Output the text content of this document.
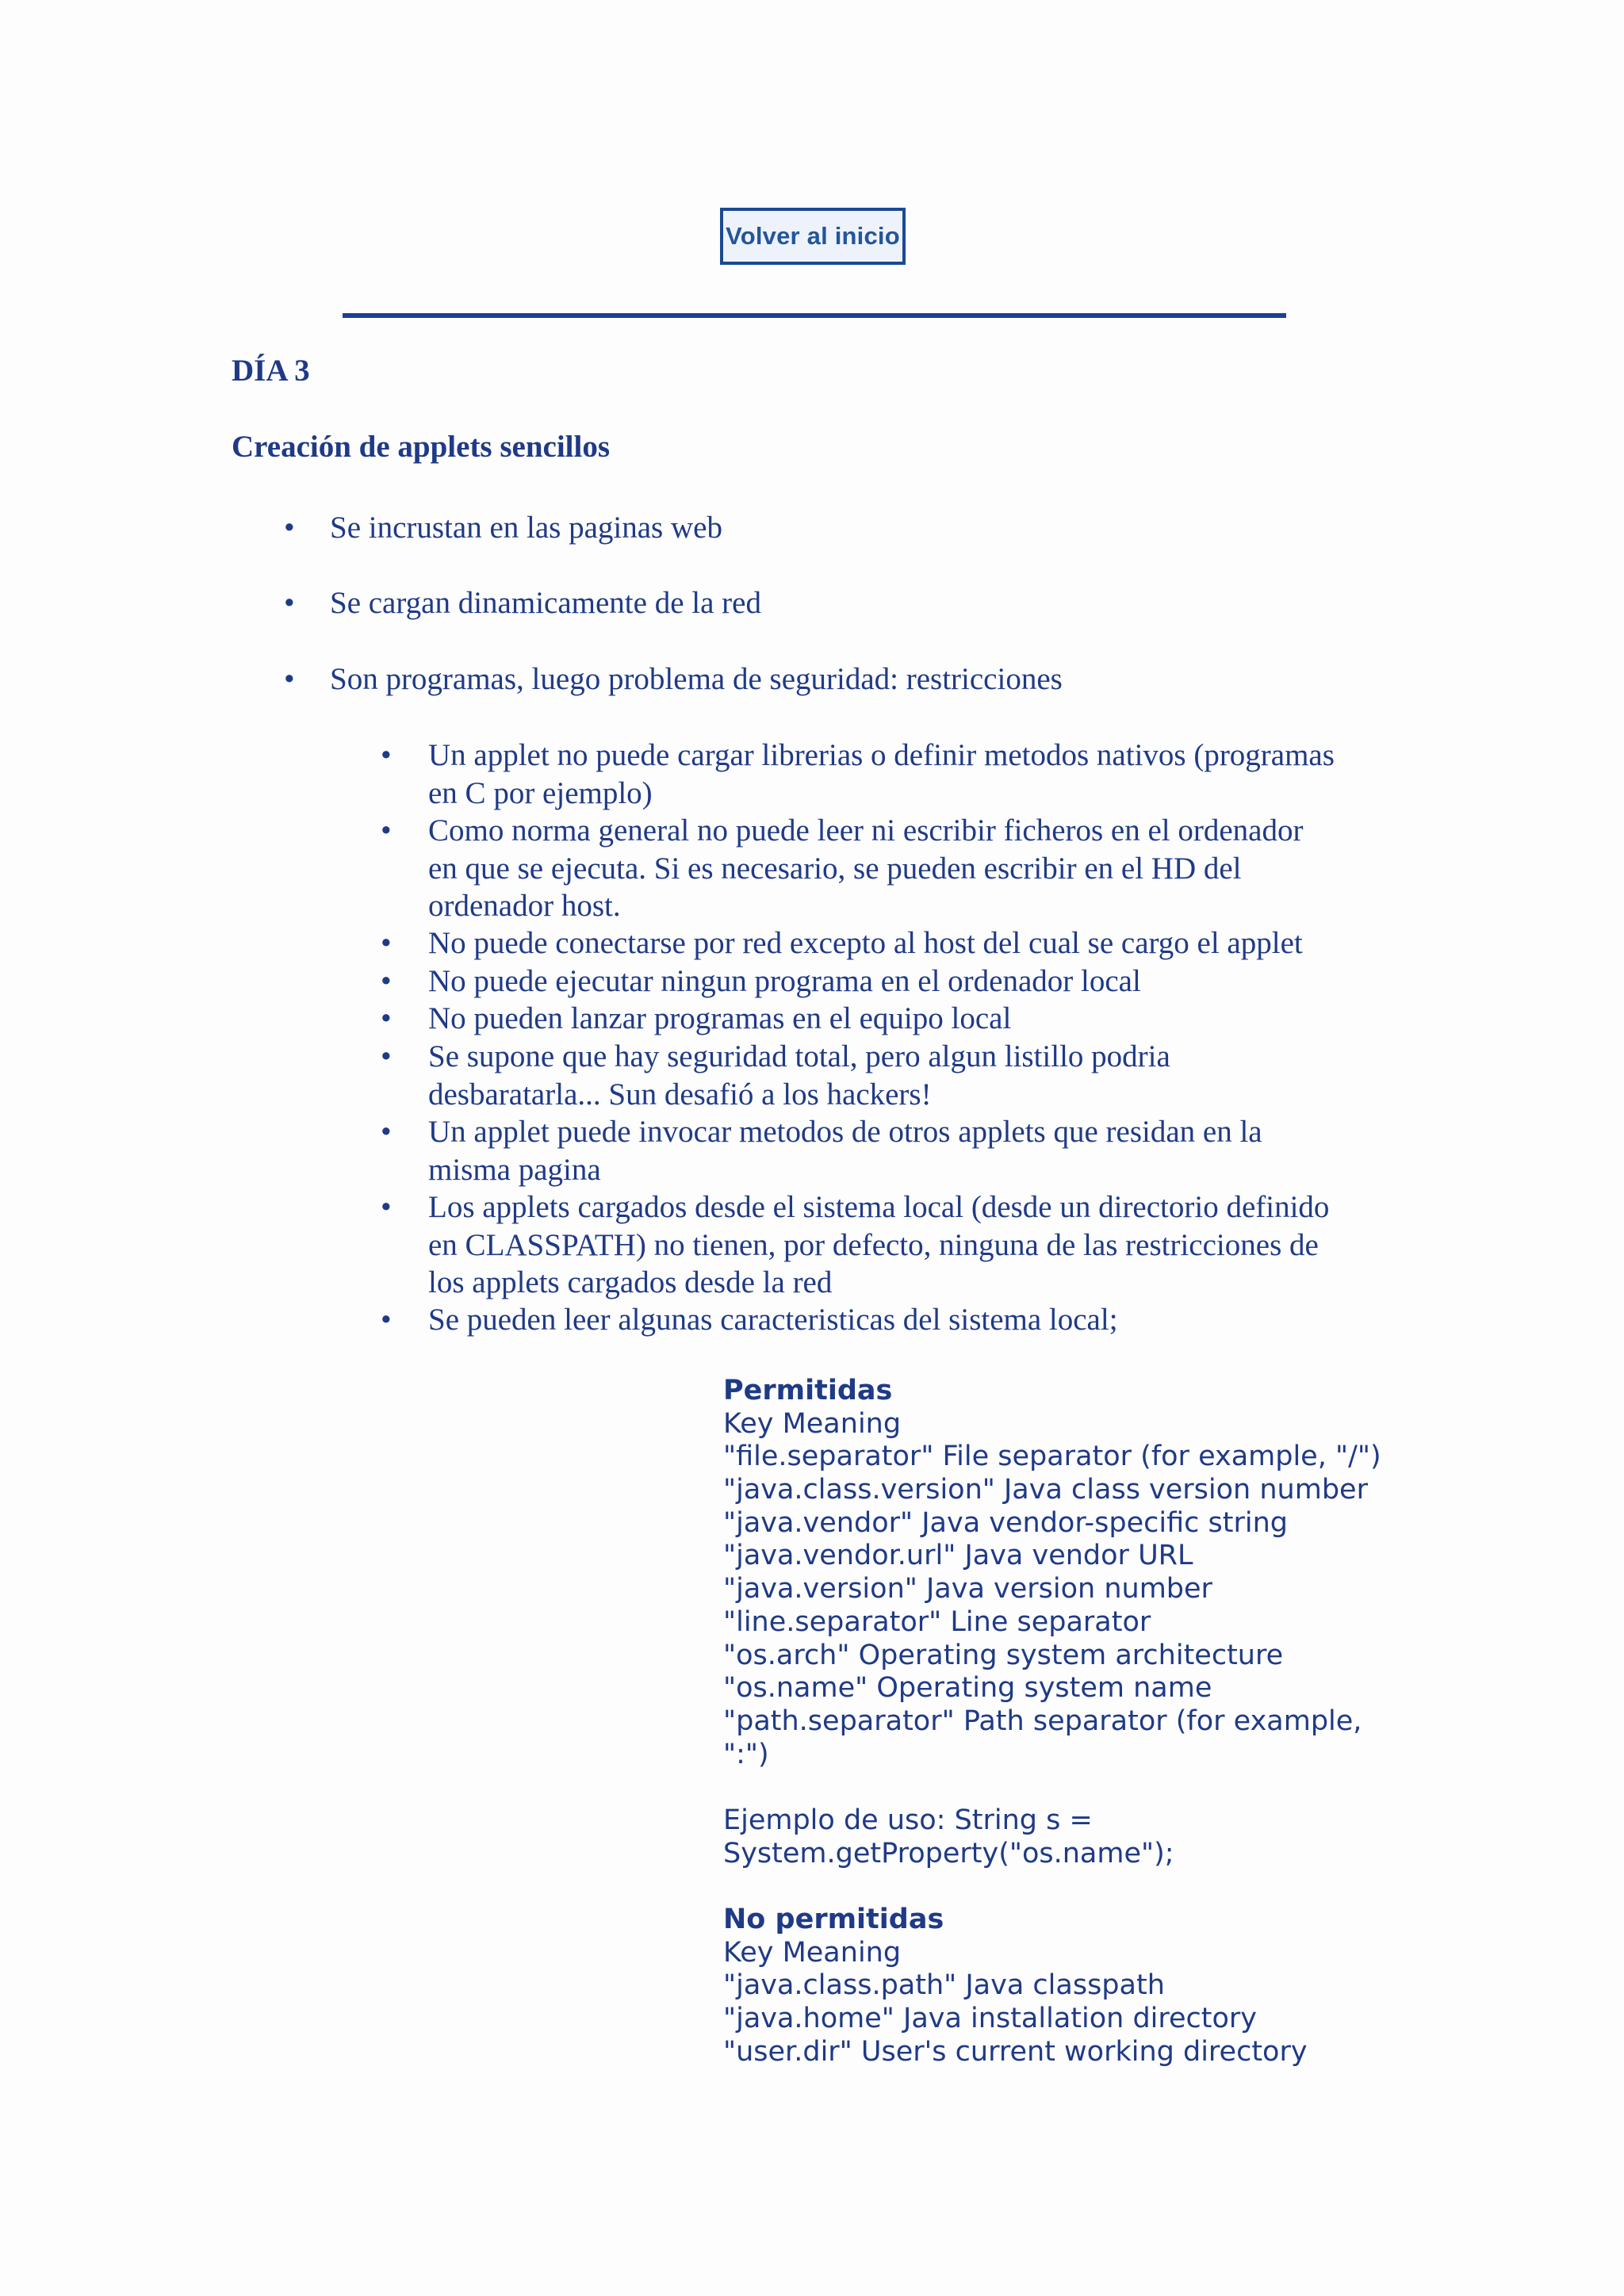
Volver al inicio
DÍA 3
Creación de applets sencillos
• Se incrustan en las paginas web
• Se cargan dinamicamente de la red
• Son programas, luego problema de seguridad: restricciones
• Un applet no puede cargar librerias o definir metodos nativos (programas
en C por ejemplo)
• Como norma general no puede leer ni escribir ficheros en el ordenador
en que se ejecuta. Si es necesario, se pueden escribir en el HD del
ordenador host.
• No puede conectarse por red excepto al host del cual se cargo el applet
• No puede ejecutar ningun programa en el ordenador local
• No pueden lanzar programas en el equipo local
• Se supone que hay seguridad total, pero algun listillo podria
desbaratarla... Sun desafió a los hackers!
• Un applet puede invocar metodos de otros applets que residan en la
misma pagina
• Los applets cargados desde el sistema local (desde un directorio definido
en CLASSPATH) no tienen, por defecto, ninguna de las restricciones de
los applets cargados desde la red
• Se pueden leer algunas caracteristicas del sistema local;
Permitidas
Key Meaning
"file.separator" File separator (for example, "/")
"java.class.version" Java class version number
"java.vendor" Java vendor-specific string
"java.vendor.url" Java vendor URL
"java.version" Java version number
"line.separator" Line separator
"os.arch" Operating system architecture
"os.name" Operating system name
"path.separator" Path separator (for example,
":")
Ejemplo de uso: String s =
System.getProperty("os.name");
No permitidas
Key Meaning
"java.class.path" Java classpath
"java.home" Java installation directory
"user.dir" User's current working directory
